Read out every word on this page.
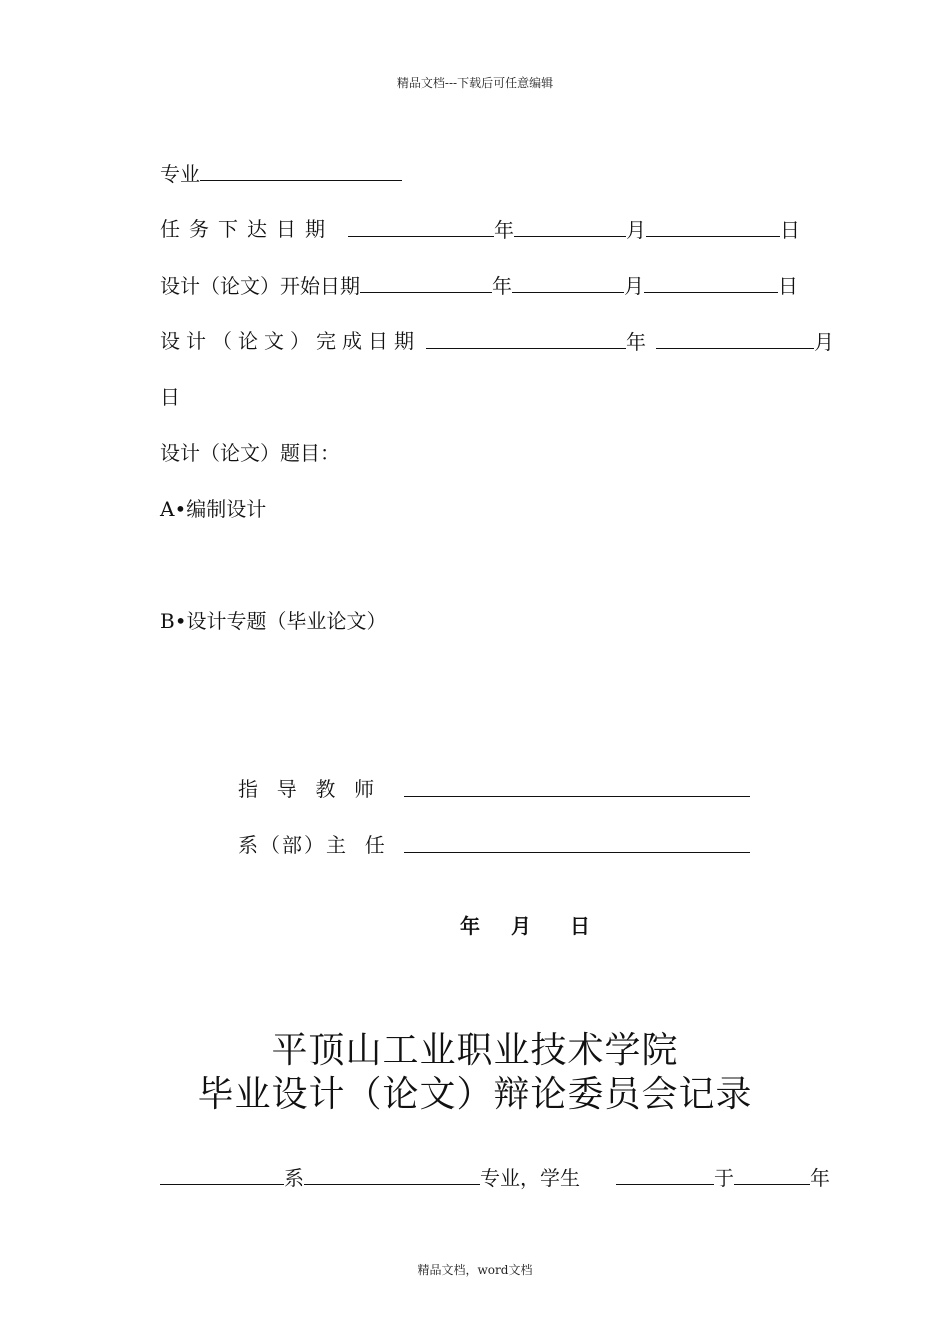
精品文档---下载后可任意编辑
专业
任务下达日期	年	月	日
设计（论文）开始日期	年	月	日
设计（论文）完成日期	年	月
日
设计（论文）题目：
A•编制设计
B•设计专题（毕业论文）
指  导  教  师
系（部）主  任
年 月 日
平顶山工业职业技术学院
毕业设计（论文）辩论委员会记录
系	专业，学生	于	年
精品文档，word文档
